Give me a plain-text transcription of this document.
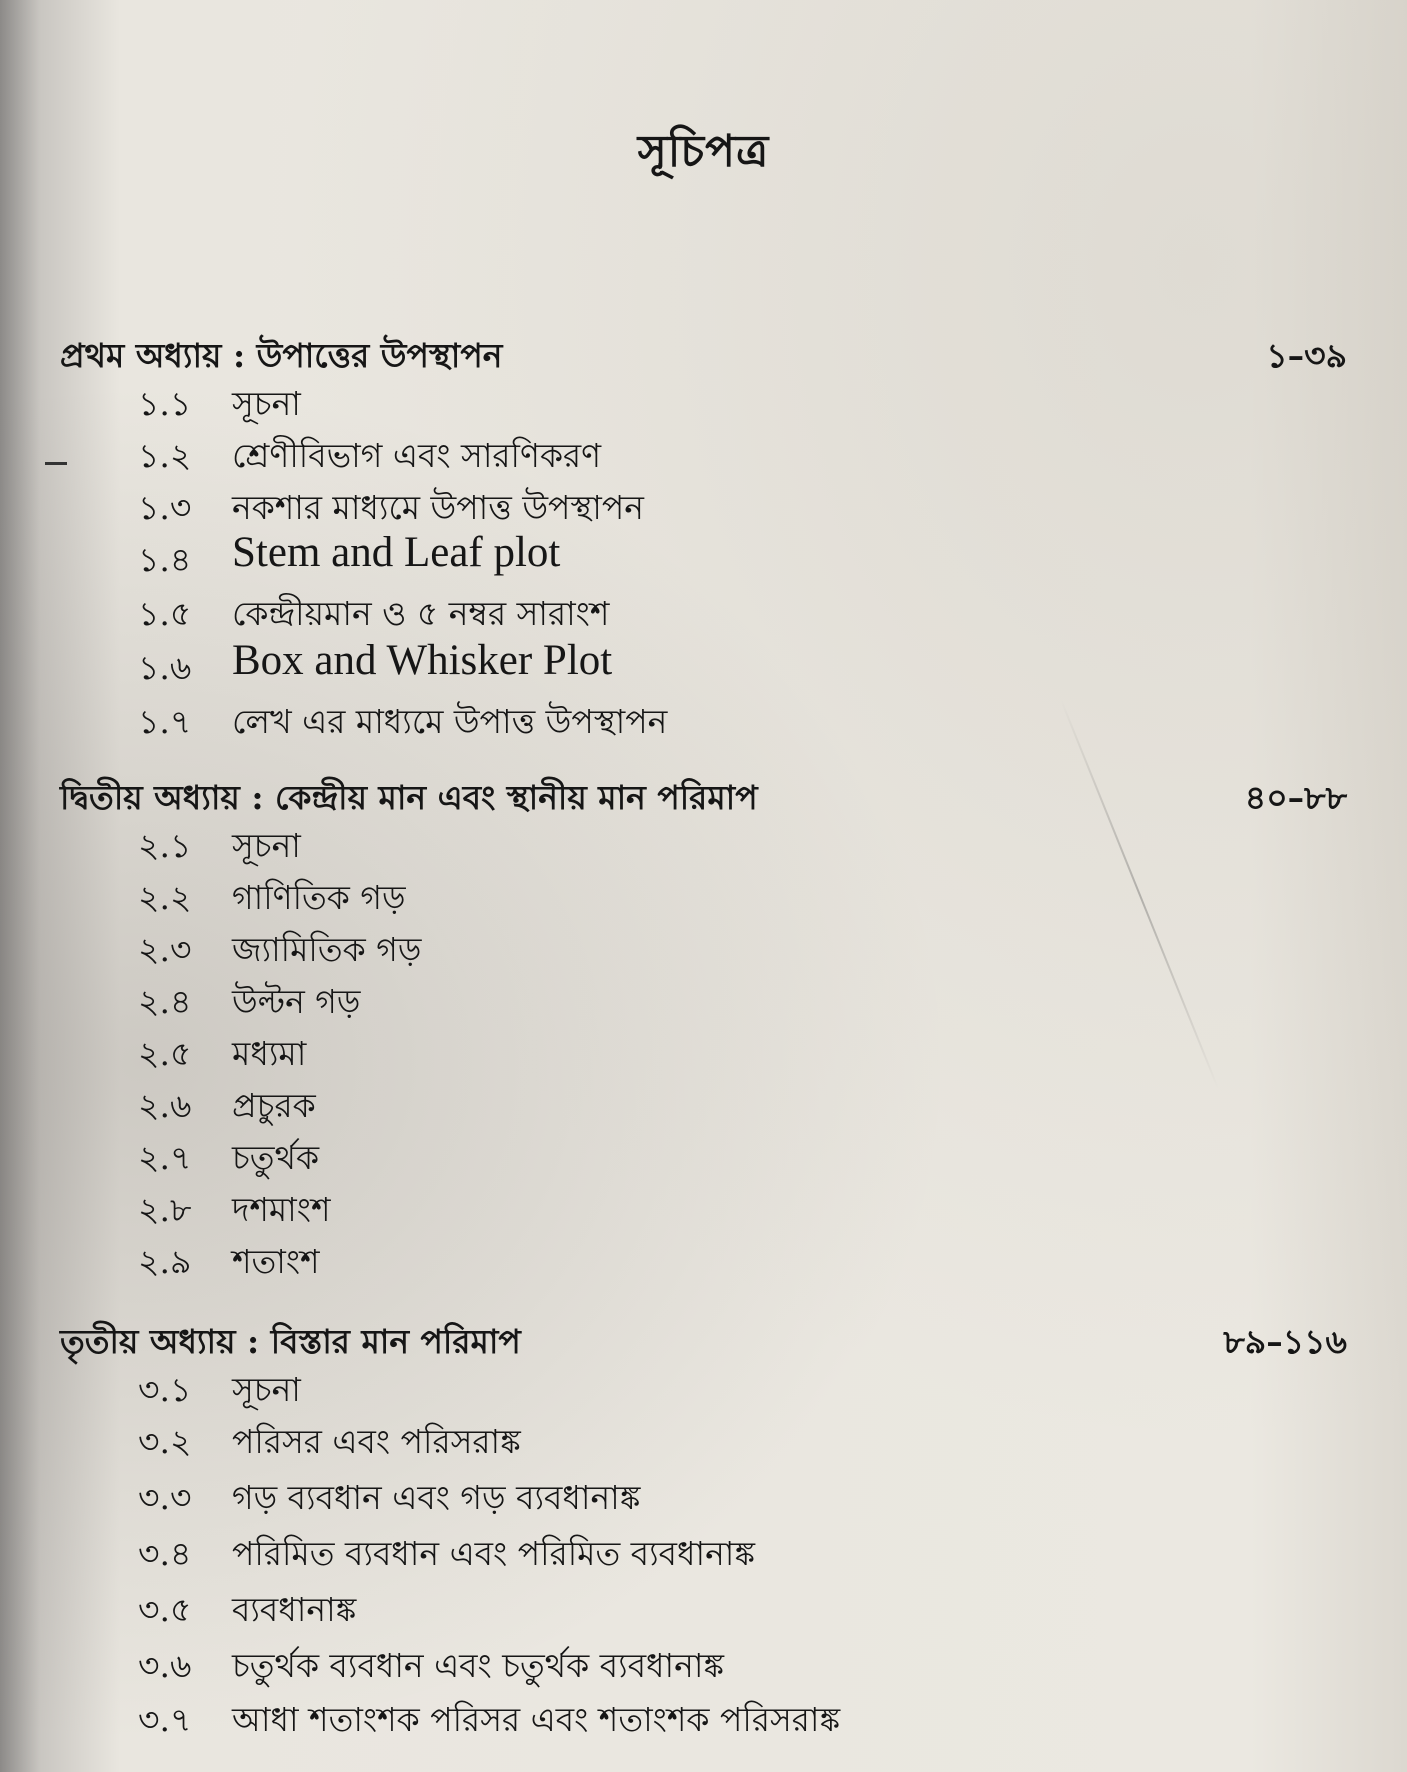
সূচিপত্র
প্রথম অধ্যায় : উপাত্তের উপস্থাপন	১–৩৯
১.১	সূচনা
১.২	শ্রেণীবিভাগ এবং সারণিকরণ
১.৩	নকশার মাধ্যমে উপাত্ত উপস্থাপন
১.৪ Stem and Leaf plot
১.৫	কেন্দ্রীয়মান ও ৫ নম্বর সারাংশ
১.৬ Box and Whisker Plot
১.৭	লেখ এর মাধ্যমে উপাত্ত উপস্থাপন
দ্বিতীয় অধ্যায় : কেন্দ্রীয় মান এবং স্থানীয় মান পরিমাপ	৪০–৮৮
২.১	সূচনা
২.২	গাণিতিক গড়
২.৩	জ্যামিতিক গড়
২.৪	উল্টন গড়
২.৫	মধ্যমা
২.৬	প্রচুরক
২.৭	চতুর্থক
২.৮	দশমাংশ
২.৯	শতাংশ
তৃতীয় অধ্যায় : বিস্তার মান পরিমাপ	৮৯–১১৬
৩.১	সূচনা
৩.২	পরিসর এবং পরিসরাঙ্ক
৩.৩	গড় ব্যবধান এবং গড় ব্যবধানাঙ্ক
৩.৪	পরিমিত ব্যবধান এবং পরিমিত ব্যবধানাঙ্ক
৩.৫	ব্যবধানাঙ্ক
৩.৬	চতুর্থক ব্যবধান এবং চতুর্থক ব্যবধানাঙ্ক
৩.৭	আধা শতাংশক পরিসর এবং শতাংশক পরিসরাঙ্ক
